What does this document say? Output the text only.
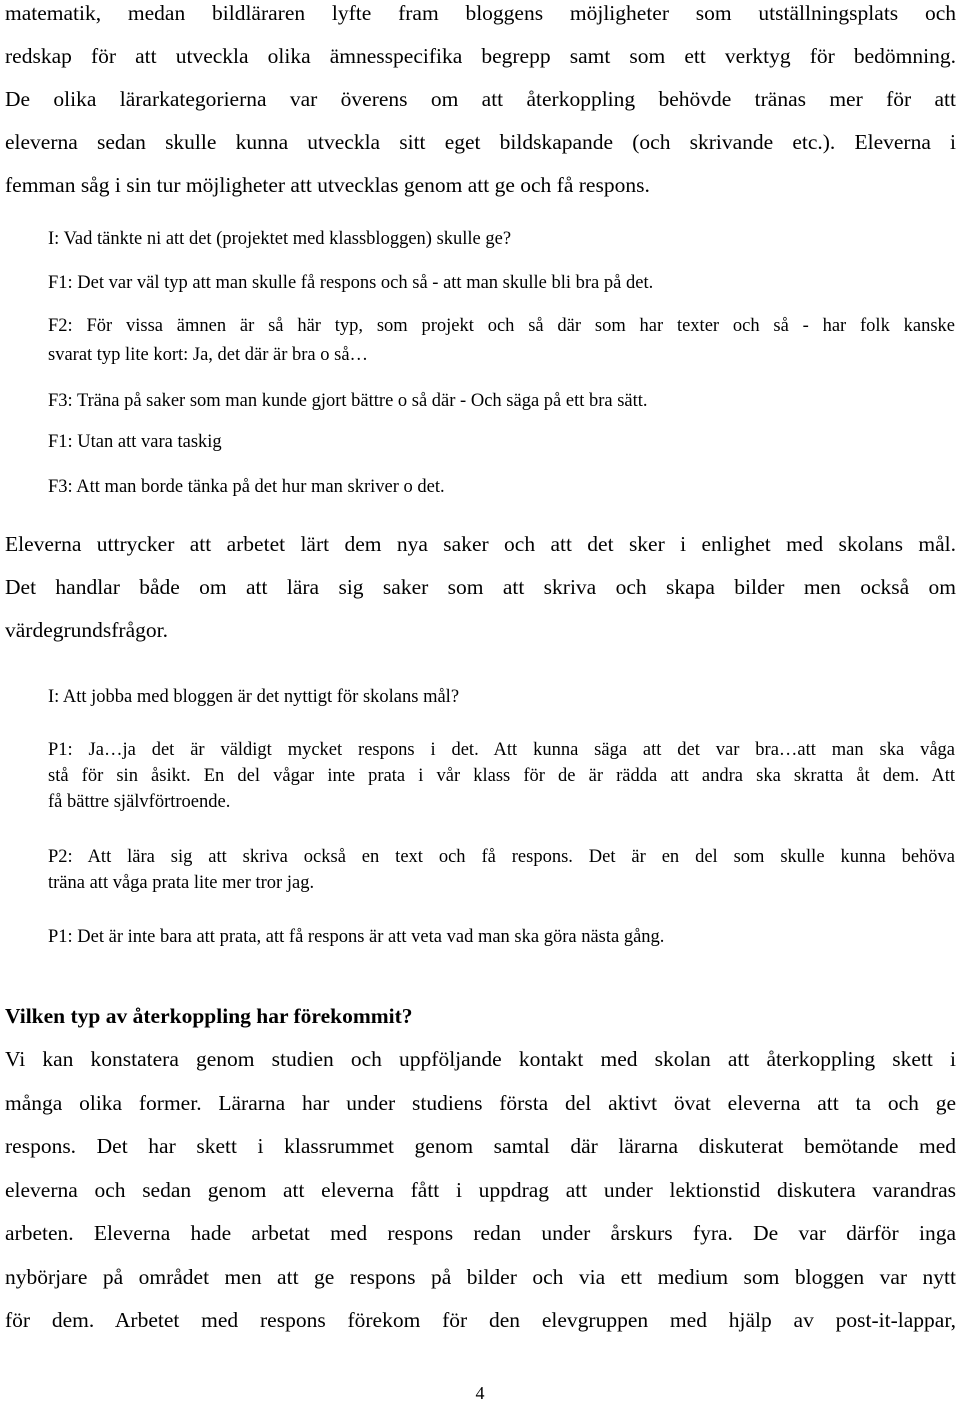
matematik, medan bildläraren lyfte fram bloggens möjligheter som utställningsplats och

redskap för att utveckla olika ämnesspecifika begrepp samt som ett verktyg för bedömning.

De olika lärarkategorierna var överens om att återkoppling behövde tränas mer för att

eleverna sedan skulle kunna utveckla sitt eget bildskapande (och skrivande etc.). Eleverna i

femman såg i sin tur möjligheter att utvecklas genom att ge och få respons.

I: Vad tänkte ni att det (projektet med klassbloggen) skulle ge?

F1: Det var väl typ att man skulle få respons och så - att man skulle bli bra på det.

F2: För vissa ämnen är så här typ, som projekt och så där som har texter och så - har folk kanske

svarat typ lite kort: Ja, det där är bra o så…

F3: Träna på saker som man kunde gjort bättre o så där - Och säga på ett bra sätt.

F1: Utan att vara taskig

F3: Att man borde tänka på det hur man skriver o det.

Eleverna uttrycker att arbetet lärt dem nya saker och att det sker i enlighet med skolans mål.

Det handlar både om att lära sig saker som att skriva och skapa bilder men också om

värdegrundsfrågor.

I: Att jobba med bloggen är det nyttigt för skolans mål?

P1: Ja…ja det är väldigt mycket respons i det. Att kunna säga att det var bra…att man ska våga

stå för sin åsikt. En del vågar inte prata i vår klass för de är rädda att andra ska skratta åt dem. Att

få bättre självförtroende.

P2: Att lära sig att skriva också en text och få respons. Det är en del som skulle kunna behöva

träna att våga prata lite mer tror jag.

P1: Det är inte bara att prata, att få respons är att veta vad man ska göra nästa gång.

Vilken typ av återkoppling har förekommit?

Vi kan konstatera genom studien och uppföljande kontakt med skolan att återkoppling skett i

många olika former. Lärarna har under studiens första del aktivt övat eleverna att ta och ge

respons. Det har skett i klassrummet genom samtal där lärarna diskuterat bemötande med

eleverna och sedan genom att eleverna fått i uppdrag att under lektionstid diskutera varandras

arbeten. Eleverna hade arbetat med respons redan under årskurs fyra. De var därför inga

nybörjare på området men att ge respons på bilder och via ett medium som bloggen var nytt

för dem. Arbetet med respons förekom för den elevgruppen med hjälp av post-it-lappar,

4
